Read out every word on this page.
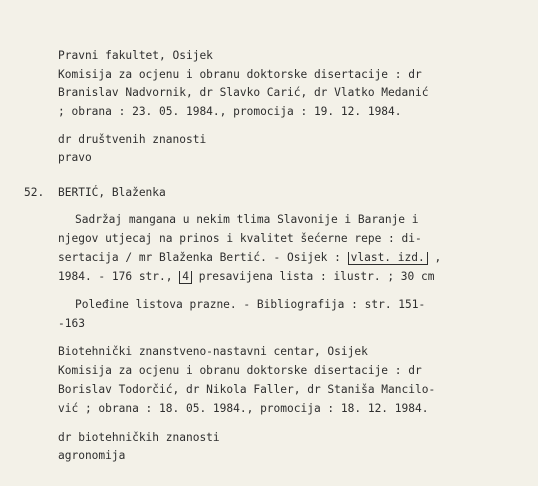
Pravni fakultet, Osijek
Komisija za ocjenu i obranu doktorske disertacije : dr
Branislav Nadvornik, dr Slavko Carić, dr Vlatko Medanić
; obrana : 23. 05. 1984., promocija : 19. 12. 1984.
dr društvenih znanosti
pravo
52. BERTIĆ, Blaženka
Sadržaj mangana u nekim tlima Slavonije i Baranje i
njegov utjecaj na prinos i kvalitet šećerne repe : di-
sertacija / mr Blaženka Bertić. - Osijek : vlast. izd. ,
1984. - 176 str., 4 presavijena lista : ilustr. ; 30 cm
Poleđine listova prazne. - Bibliografija : str. 151-
-163
Biotehnički znanstveno-nastavni centar, Osijek
Komisija za ocjenu i obranu doktorske disertacije : dr
Borislav Todorčić, dr Nikola Faller, dr Staniša Mancilo-
vić ; obrana : 18. 05. 1984., promocija : 18. 12. 1984.
dr biotehničkih znanosti
agronomija
